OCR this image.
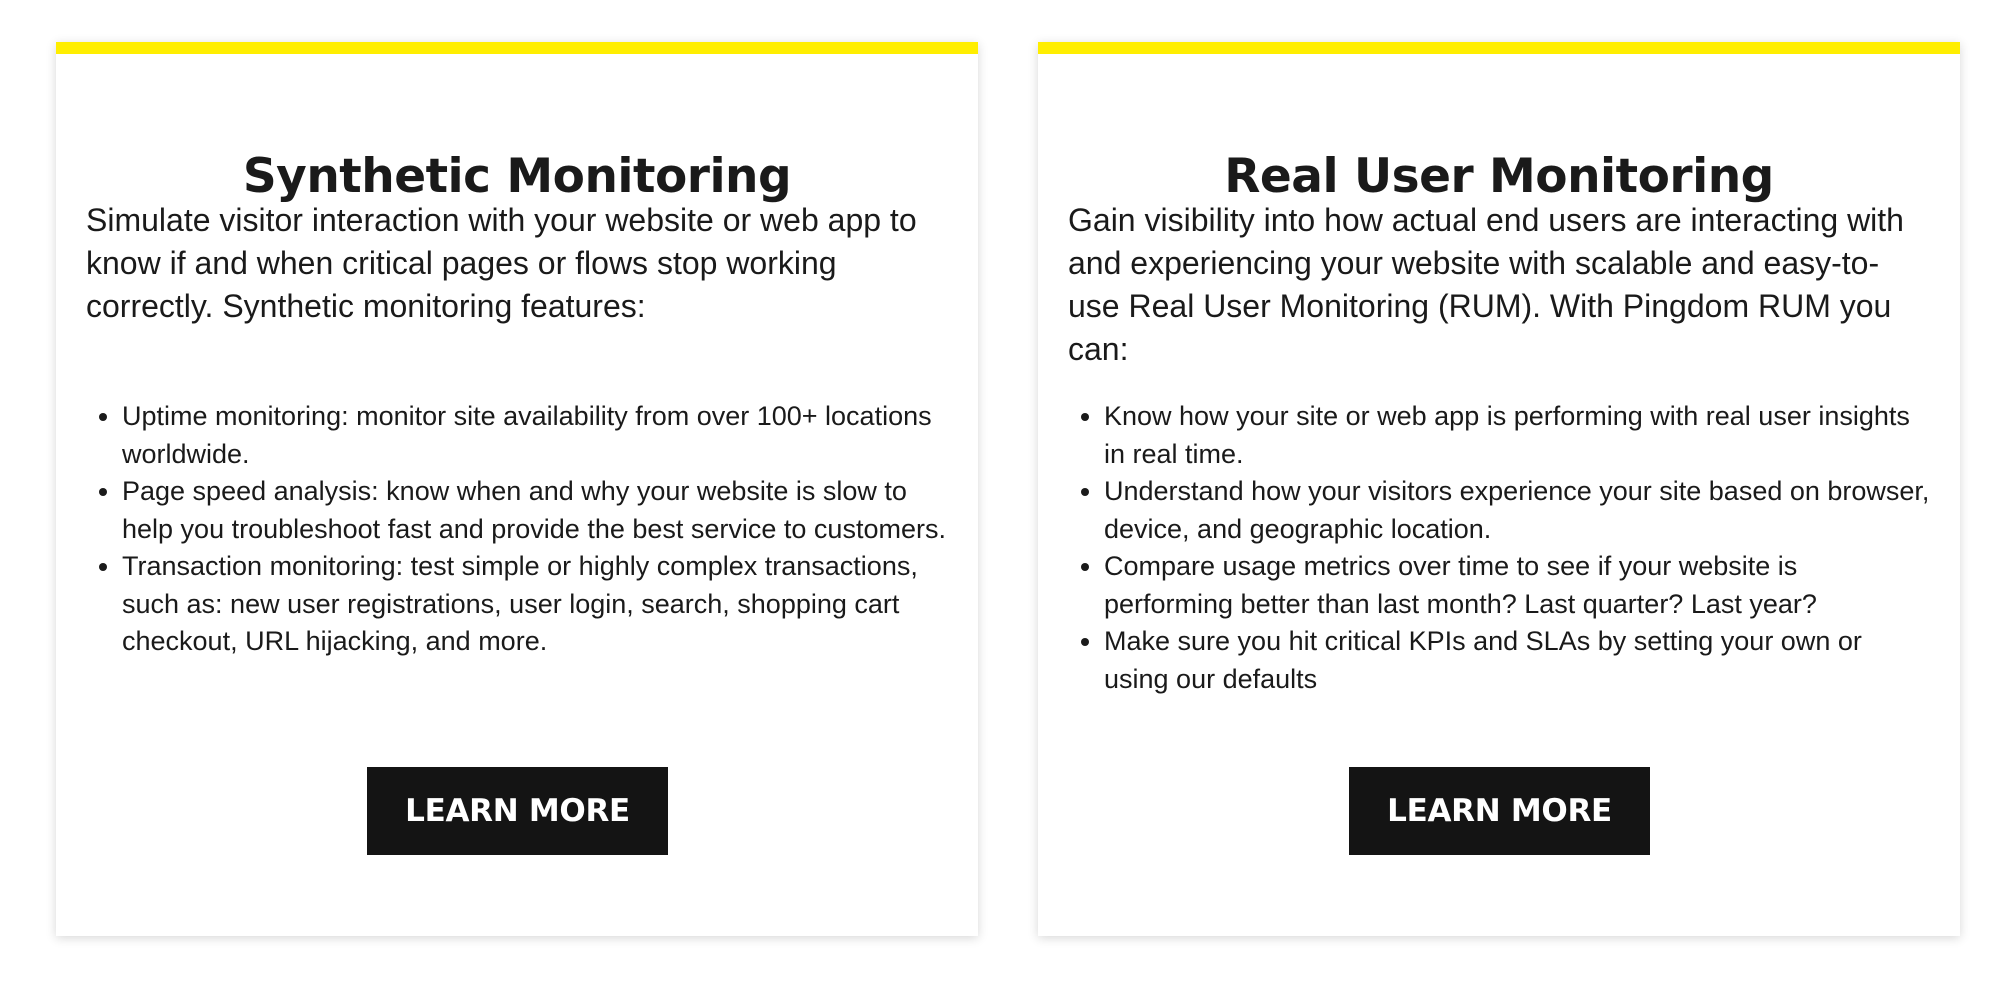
Synthetic Monitoring

Simulate visitor interaction with your website or web app to know if and when critical pages or flows stop working correctly. Synthetic monitoring features:

• Uptime monitoring: monitor site availability from over 100+ locations worldwide.
• Page speed analysis: know when and why your website is slow to help you troubleshoot fast and provide the best service to customers.
• Transaction monitoring: test simple or highly complex transactions, such as: new user registrations, user login, search, shopping cart checkout, URL hijacking, and more.
LEARN MORE
Real User Monitoring

Gain visibility into how actual end users are interacting with and experiencing your website with scalable and easy-to-use Real User Monitoring (RUM). With Pingdom RUM you can:

• Know how your site or web app is performing with real user insights in real time.
• Understand how your visitors experience your site based on browser, device, and geographic location.
• Compare usage metrics over time to see if your website is performing better than last month? Last quarter? Last year?
• Make sure you hit critical KPIs and SLAs by setting your own or using our defaults
LEARN MORE
